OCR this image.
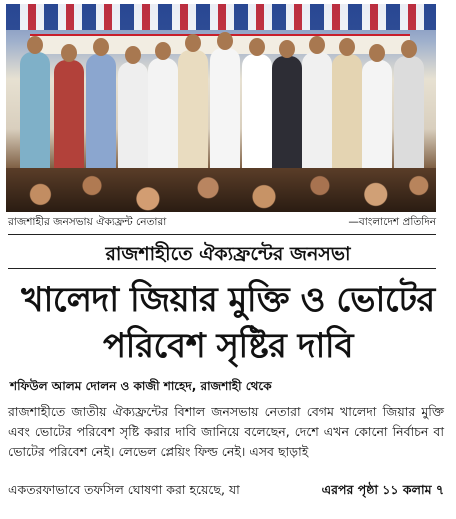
রাজশাহীর জনসভায় ঐক্যফ্রন্ট নেতারা	—বাংলাদেশ প্রতিদিন
রাজশাহীতে ঐক্যফ্রন্টের জনসভা
খালেদা জিয়ার মুক্তি ও ভোটের
পরিবেশ সৃষ্টির দাবি
শফিউল আলম দোলন ও কাজী শাহেদ, রাজশাহী থেকে
রাজশাহীতে জাতীয় ঐক্যফ্রন্টের বিশাল জনসভায় নেতারা বেগম খালেদা জিয়ার মুক্তি এবং ভোটের পরিবেশ সৃষ্টি করার দাবি জানিয়ে বলেছেন, দেশে এখন কোনো নির্বাচন বা ভোটের পরিবেশ নেই। লেভেল প্লেয়িং ফিল্ড নেই। এসব ছাড়াই
একতরফাভাবে তফসিল ঘোষণা করা হয়েছে, যা	এরপর পৃষ্ঠা ১১ কলাম ৭
